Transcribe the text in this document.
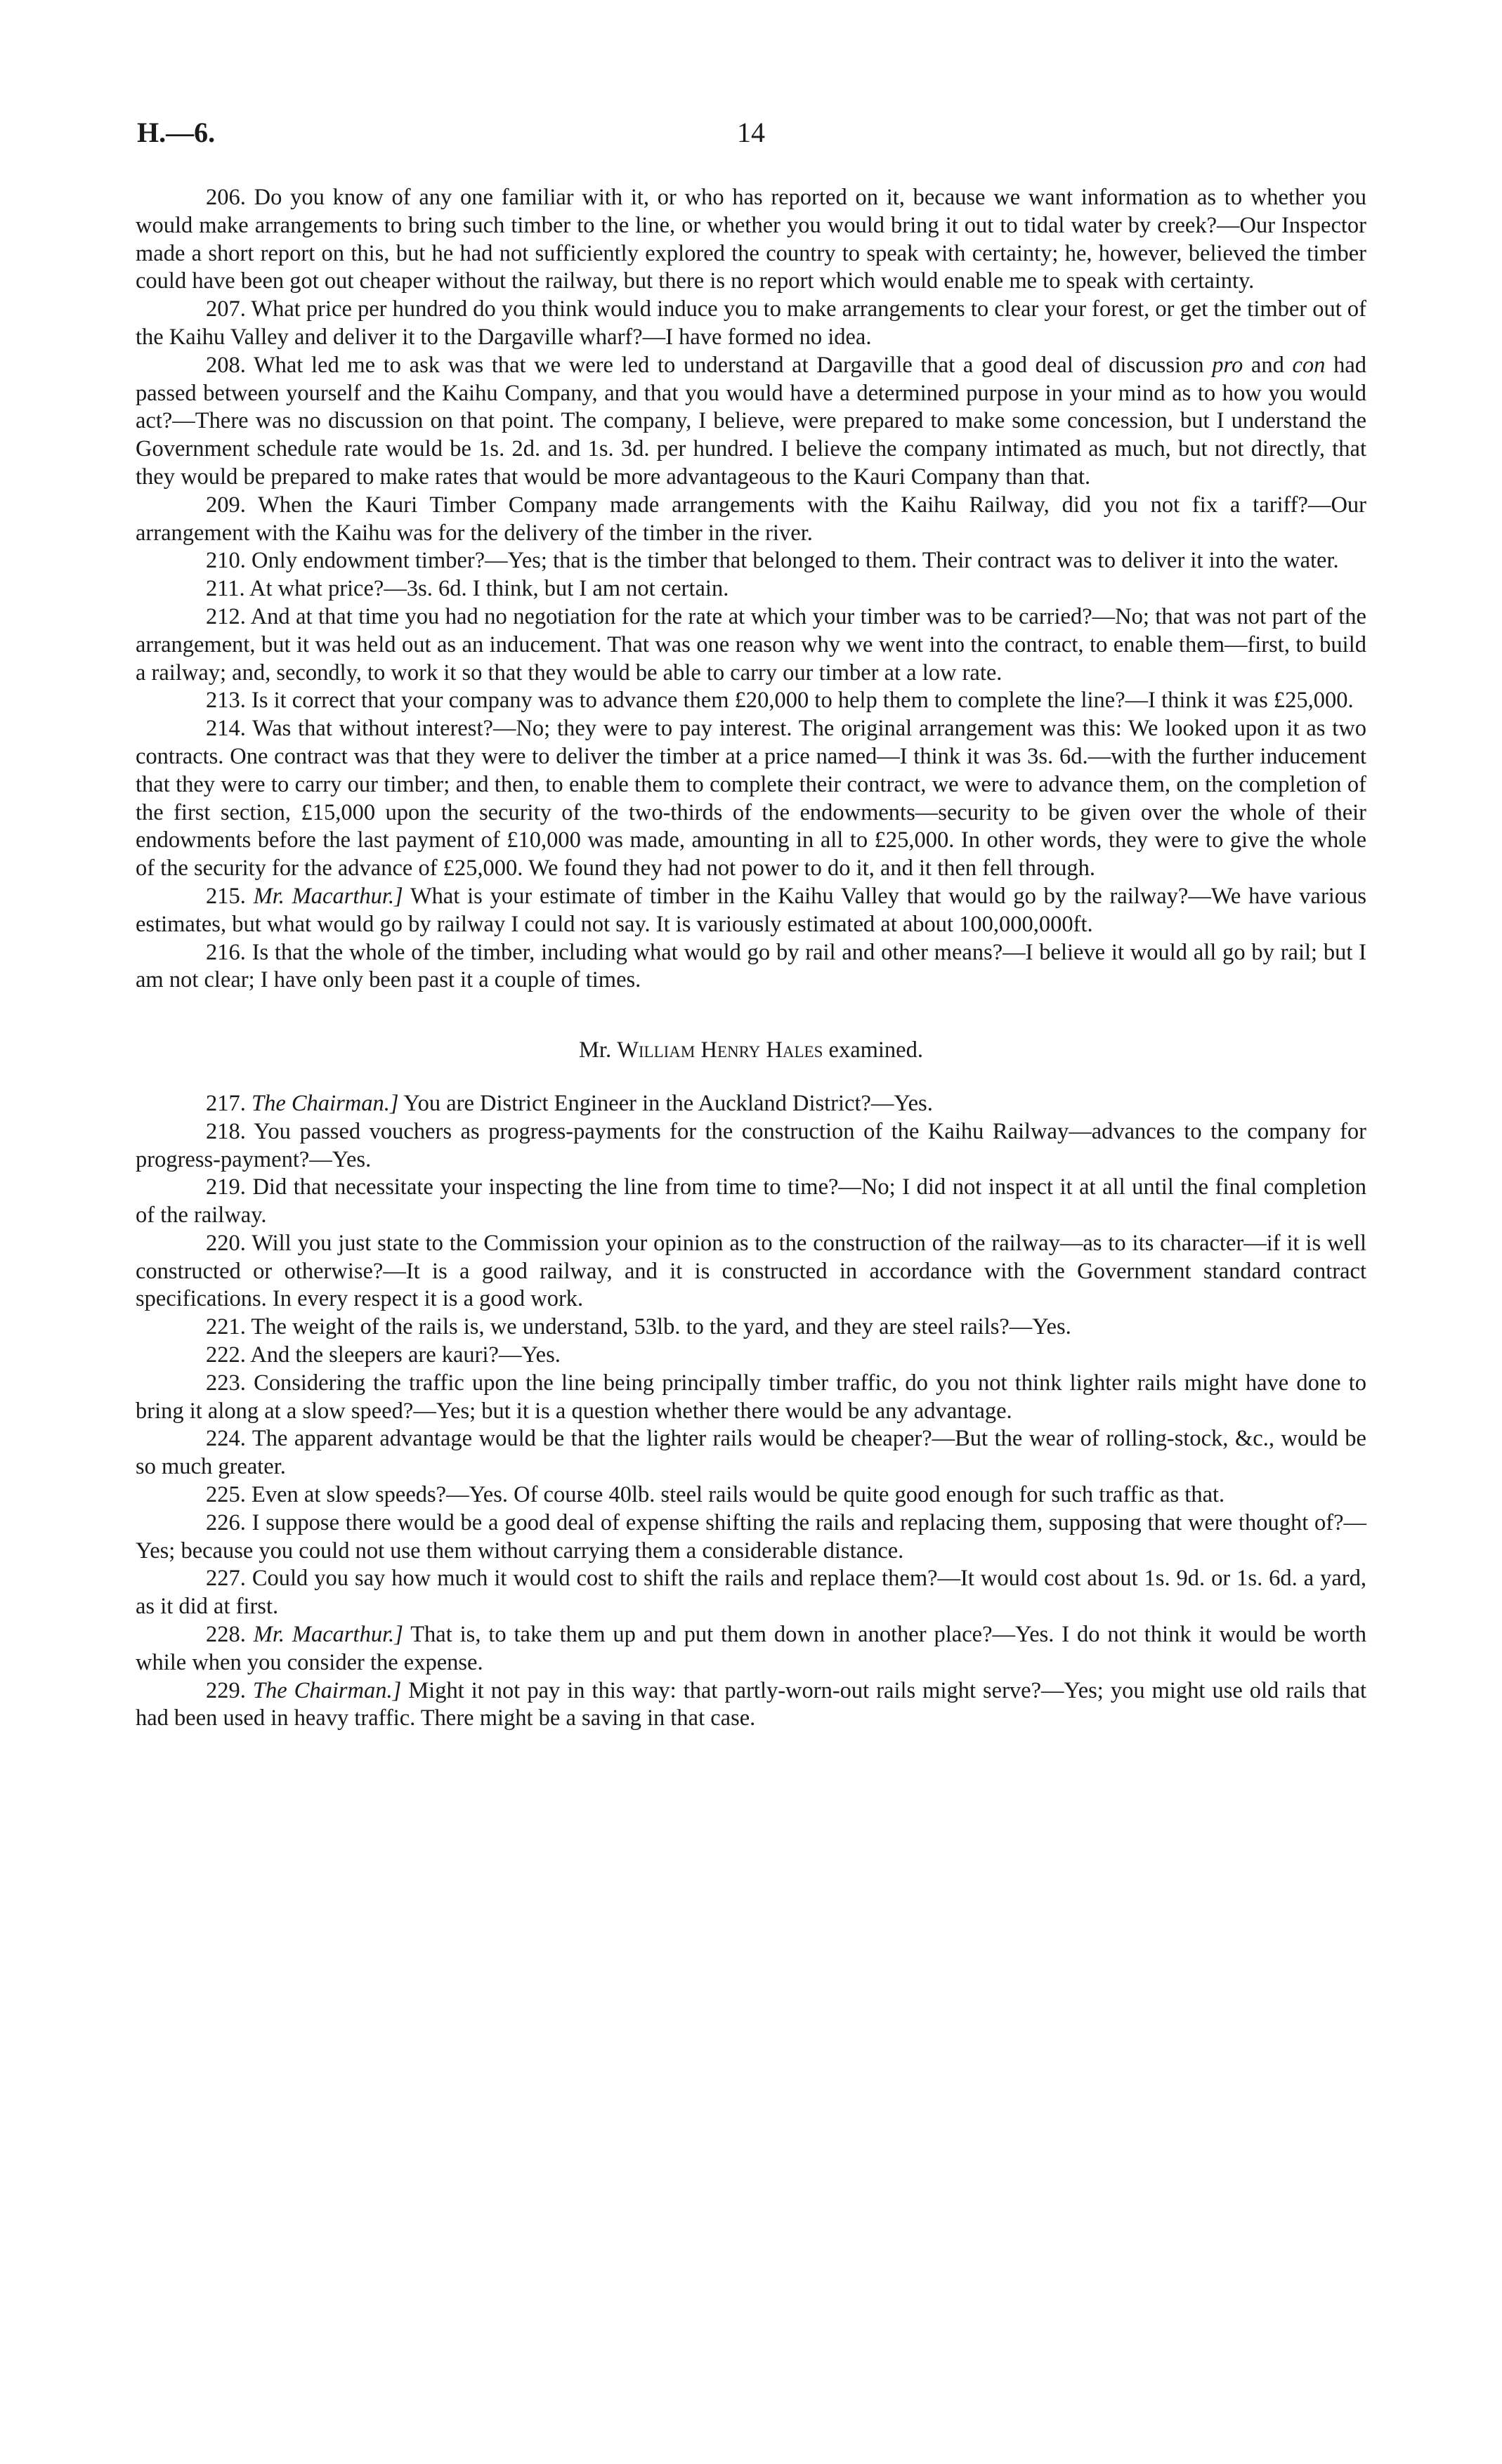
H.—6.	14

206. Do you know of any one familiar with it, or who has reported on it, because we want information as to whether you would make arrangements to bring such timber to the line, or whether you would bring it out to tidal water by creek?—Our Inspector made a short report on this, but he had not sufficiently explored the country to speak with certainty; he, however, believed the timber could have been got out cheaper without the railway, but there is no report which would enable me to speak with certainty.

207. What price per hundred do you think would induce you to make arrangements to clear your forest, or get the timber out of the Kaihu Valley and deliver it to the Dargaville wharf?—I have formed no idea.

208. What led me to ask was that we were led to understand at Dargaville that a good deal of discussion pro and con had passed between yourself and the Kaihu Company, and that you would have a determined purpose in your mind as to how you would act?—There was no discussion on that point. The company, I believe, were prepared to make some concession, but I understand the Government schedule rate would be 1s. 2d. and 1s. 3d. per hundred. I believe the company intimated as much, but not directly, that they would be prepared to make rates that would be more advantageous to the Kauri Company than that.

209. When the Kauri Timber Company made arrangements with the Kaihu Railway, did you not fix a tariff?—Our arrangement with the Kaihu was for the delivery of the timber in the river.

210. Only endowment timber?—Yes; that is the timber that belonged to them. Their contract was to deliver it into the water.

211. At what price?—3s. 6d. I think, but I am not certain.

212. And at that time you had no negotiation for the rate at which your timber was to be carried?—No; that was not part of the arrangement, but it was held out as an inducement. That was one reason why we went into the contract, to enable them—first, to build a railway; and, secondly, to work it so that they would be able to carry our timber at a low rate.

213. Is it correct that your company was to advance them £20,000 to help them to complete the line?—I think it was £25,000.

214. Was that without interest?—No; they were to pay interest. The original arrangement was this: We looked upon it as two contracts. One contract was that they were to deliver the timber at a price named—I think it was 3s. 6d.—with the further inducement that they were to carry our timber; and then, to enable them to complete their contract, we were to advance them, on the completion of the first section, £15,000 upon the security of the two-thirds of the endowments—security to be given over the whole of their endowments before the last payment of £10,000 was made, amounting in all to £25,000. In other words, they were to give the whole of the security for the advance of £25,000. We found they had not power to do it, and it then fell through.

215. Mr. Macarthur.] What is your estimate of timber in the Kaihu Valley that would go by the railway?—We have various estimates, but what would go by railway I could not say. It is variously estimated at about 100,000,000ft.

216. Is that the whole of the timber, including what would go by rail and other means?—I believe it would all go by rail; but I am not clear; I have only been past it a couple of times.

Mr. William Henry Hales examined.

217. The Chairman.] You are District Engineer in the Auckland District?—Yes.

218. You passed vouchers as progress-payments for the construction of the Kaihu Railway—advances to the company for progress-payment?—Yes.

219. Did that necessitate your inspecting the line from time to time?—No; I did not inspect it at all until the final completion of the railway.

220. Will you just state to the Commission your opinion as to the construction of the railway—as to its character—if it is well constructed or otherwise?—It is a good railway, and it is constructed in accordance with the Government standard contract specifications. In every respect it is a good work.

221. The weight of the rails is, we understand, 53lb. to the yard, and they are steel rails?—Yes.

222. And the sleepers are kauri?—Yes.

223. Considering the traffic upon the line being principally timber traffic, do you not think lighter rails might have done to bring it along at a slow speed?—Yes; but it is a question whether there would be any advantage.

224. The apparent advantage would be that the lighter rails would be cheaper?—But the wear of rolling-stock, &c., would be so much greater.

225. Even at slow speeds?—Yes. Of course 40lb. steel rails would be quite good enough for such traffic as that.

226. I suppose there would be a good deal of expense shifting the rails and replacing them, supposing that were thought of?—Yes; because you could not use them without carrying them a considerable distance.

227. Could you say how much it would cost to shift the rails and replace them?—It would cost about 1s. 9d. or 1s. 6d. a yard, as it did at first.

228. Mr. Macarthur.] That is, to take them up and put them down in another place?—Yes. I do not think it would be worth while when you consider the expense.

229. The Chairman.] Might it not pay in this way: that partly-worn-out rails might serve?—Yes; you might use old rails that had been used in heavy traffic. There might be a saving in that case.
